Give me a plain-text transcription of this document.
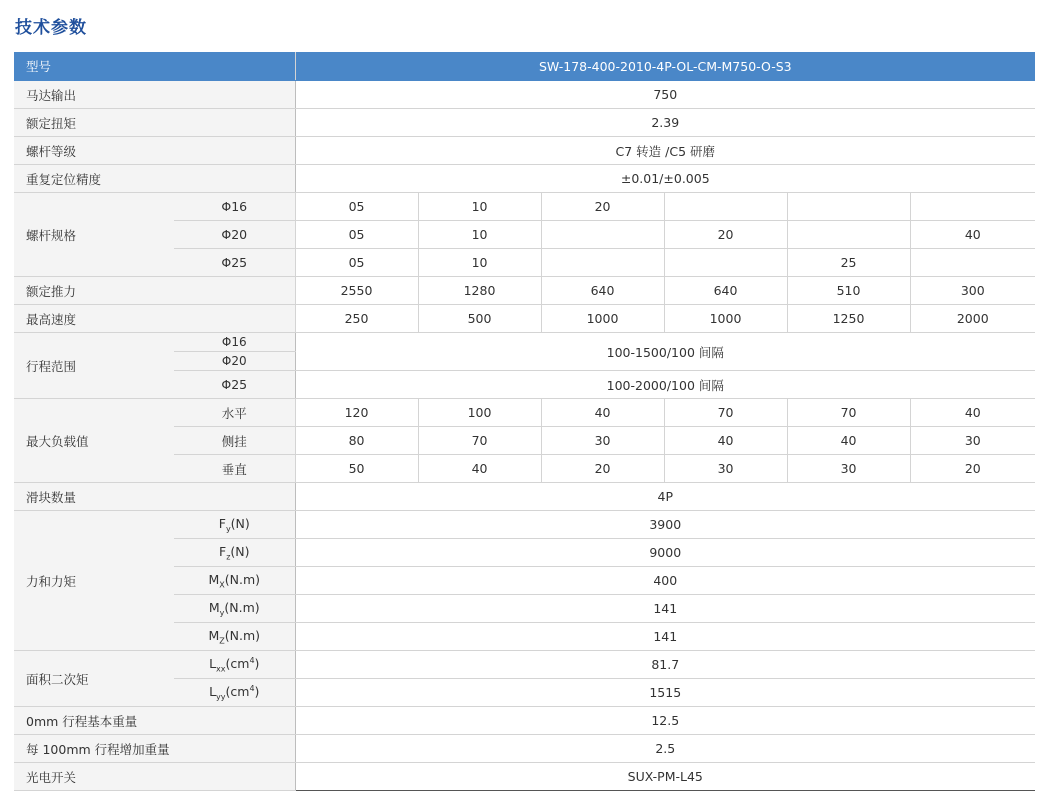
技术参数
型号		SW-178-400-2010-4P-OL-CM-M750-O-S3					
马达输出		750					
额定扭矩		2.39					
螺杆等级		C7 转造 /C5 研磨					
重复定位精度		±0.01/±0.005					
螺杆规格	Φ16	05	10	20			
	Φ20	05	10		20		40
	Φ25	05	10			25	
额定推力		2550	1280	640	640	510	300
最高速度		250	500	1000	1000	1250	2000
行程范围	Φ16	100-1500/100 间隔					
	Φ20						
	Φ25	100-2000/100 间隔					
最大负载值	水平	120	100	40	70	70	40
	侧挂	80	70	30	40	40	30
	垂直	50	40	20	30	30	20
滑块数量		4P					
力和力矩	$F_y(N)$	3900					
	$F_z(N)$	9000					
	$M_X(N.m)$	400					
	$M_y(N.m)$	141					
	$M_Z(N.m)$	141					
面积二次矩	$L_{xx}(cm^4)$	81.7					
	$L_{yy}(cm^4)$	1515					
0mm 行程基本重量		12.5					
每 100mm 行程增加重量		2.5					
光电开关		SUX-PM-L45					
